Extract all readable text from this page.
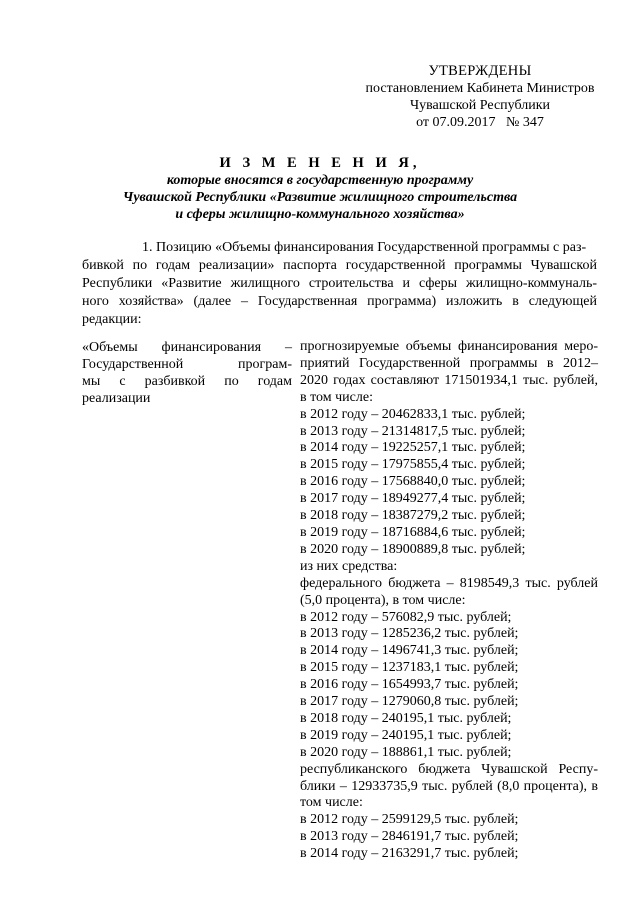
УТВЕРЖДЕНЫ
постановлением Кабинета Министров
Чувашской Республики
от 07.09.2017   № 347
И З М Е Н Е Н И Я,
которые вносятся в государственную программу
Чувашской Республики «Развитие жилищного строительства
и сферы жилищно-коммунального хозяйства»
1. Позицию «Объемы финансирования Государственной программы с раз-
бивкой по годам реализации» паспорта государственной программы Чувашской
Республики «Развитие жилищного строительства и сферы жилищно-коммуналь-
ного хозяйства» (далее – Государственная программа) изложить в следующей
редакции:
«Объемы финансирования –
Государственной програм-
мы с разбивкой по годам
реализации
прогнозируемые объемы финансирования меро-
приятий Государственной программы в 2012–
2020 годах составляют 171501934,1 тыс. рублей,
в том числе:
в 2012 году – 20462833,1 тыс. рублей;
в 2013 году – 21314817,5 тыс. рублей;
в 2014 году – 19225257,1 тыс. рублей;
в 2015 году – 17975855,4 тыс. рублей;
в 2016 году – 17568840,0 тыс. рублей;
в 2017 году – 18949277,4 тыс. рублей;
в 2018 году – 18387279,2 тыс. рублей;
в 2019 году – 18716884,6 тыс. рублей;
в 2020 году – 18900889,8 тыс. рублей;
из них средства:
федерального бюджета – 8198549,3 тыс. рублей
(5,0 процента), в том числе:
в 2012 году – 576082,9 тыс. рублей;
в 2013 году – 1285236,2 тыс. рублей;
в 2014 году – 1496741,3 тыс. рублей;
в 2015 году – 1237183,1 тыс. рублей;
в 2016 году – 1654993,7 тыс. рублей;
в 2017 году – 1279060,8 тыс. рублей;
в 2018 году – 240195,1 тыс. рублей;
в 2019 году – 240195,1 тыс. рублей;
в 2020 году – 188861,1 тыс. рублей;
республиканского бюджета Чувашской Респу-
блики – 12933735,9 тыс. рублей (8,0 процента), в
том числе:
в 2012 году – 2599129,5 тыс. рублей;
в 2013 году – 2846191,7 тыс. рублей;
в 2014 году – 2163291,7 тыс. рублей;
